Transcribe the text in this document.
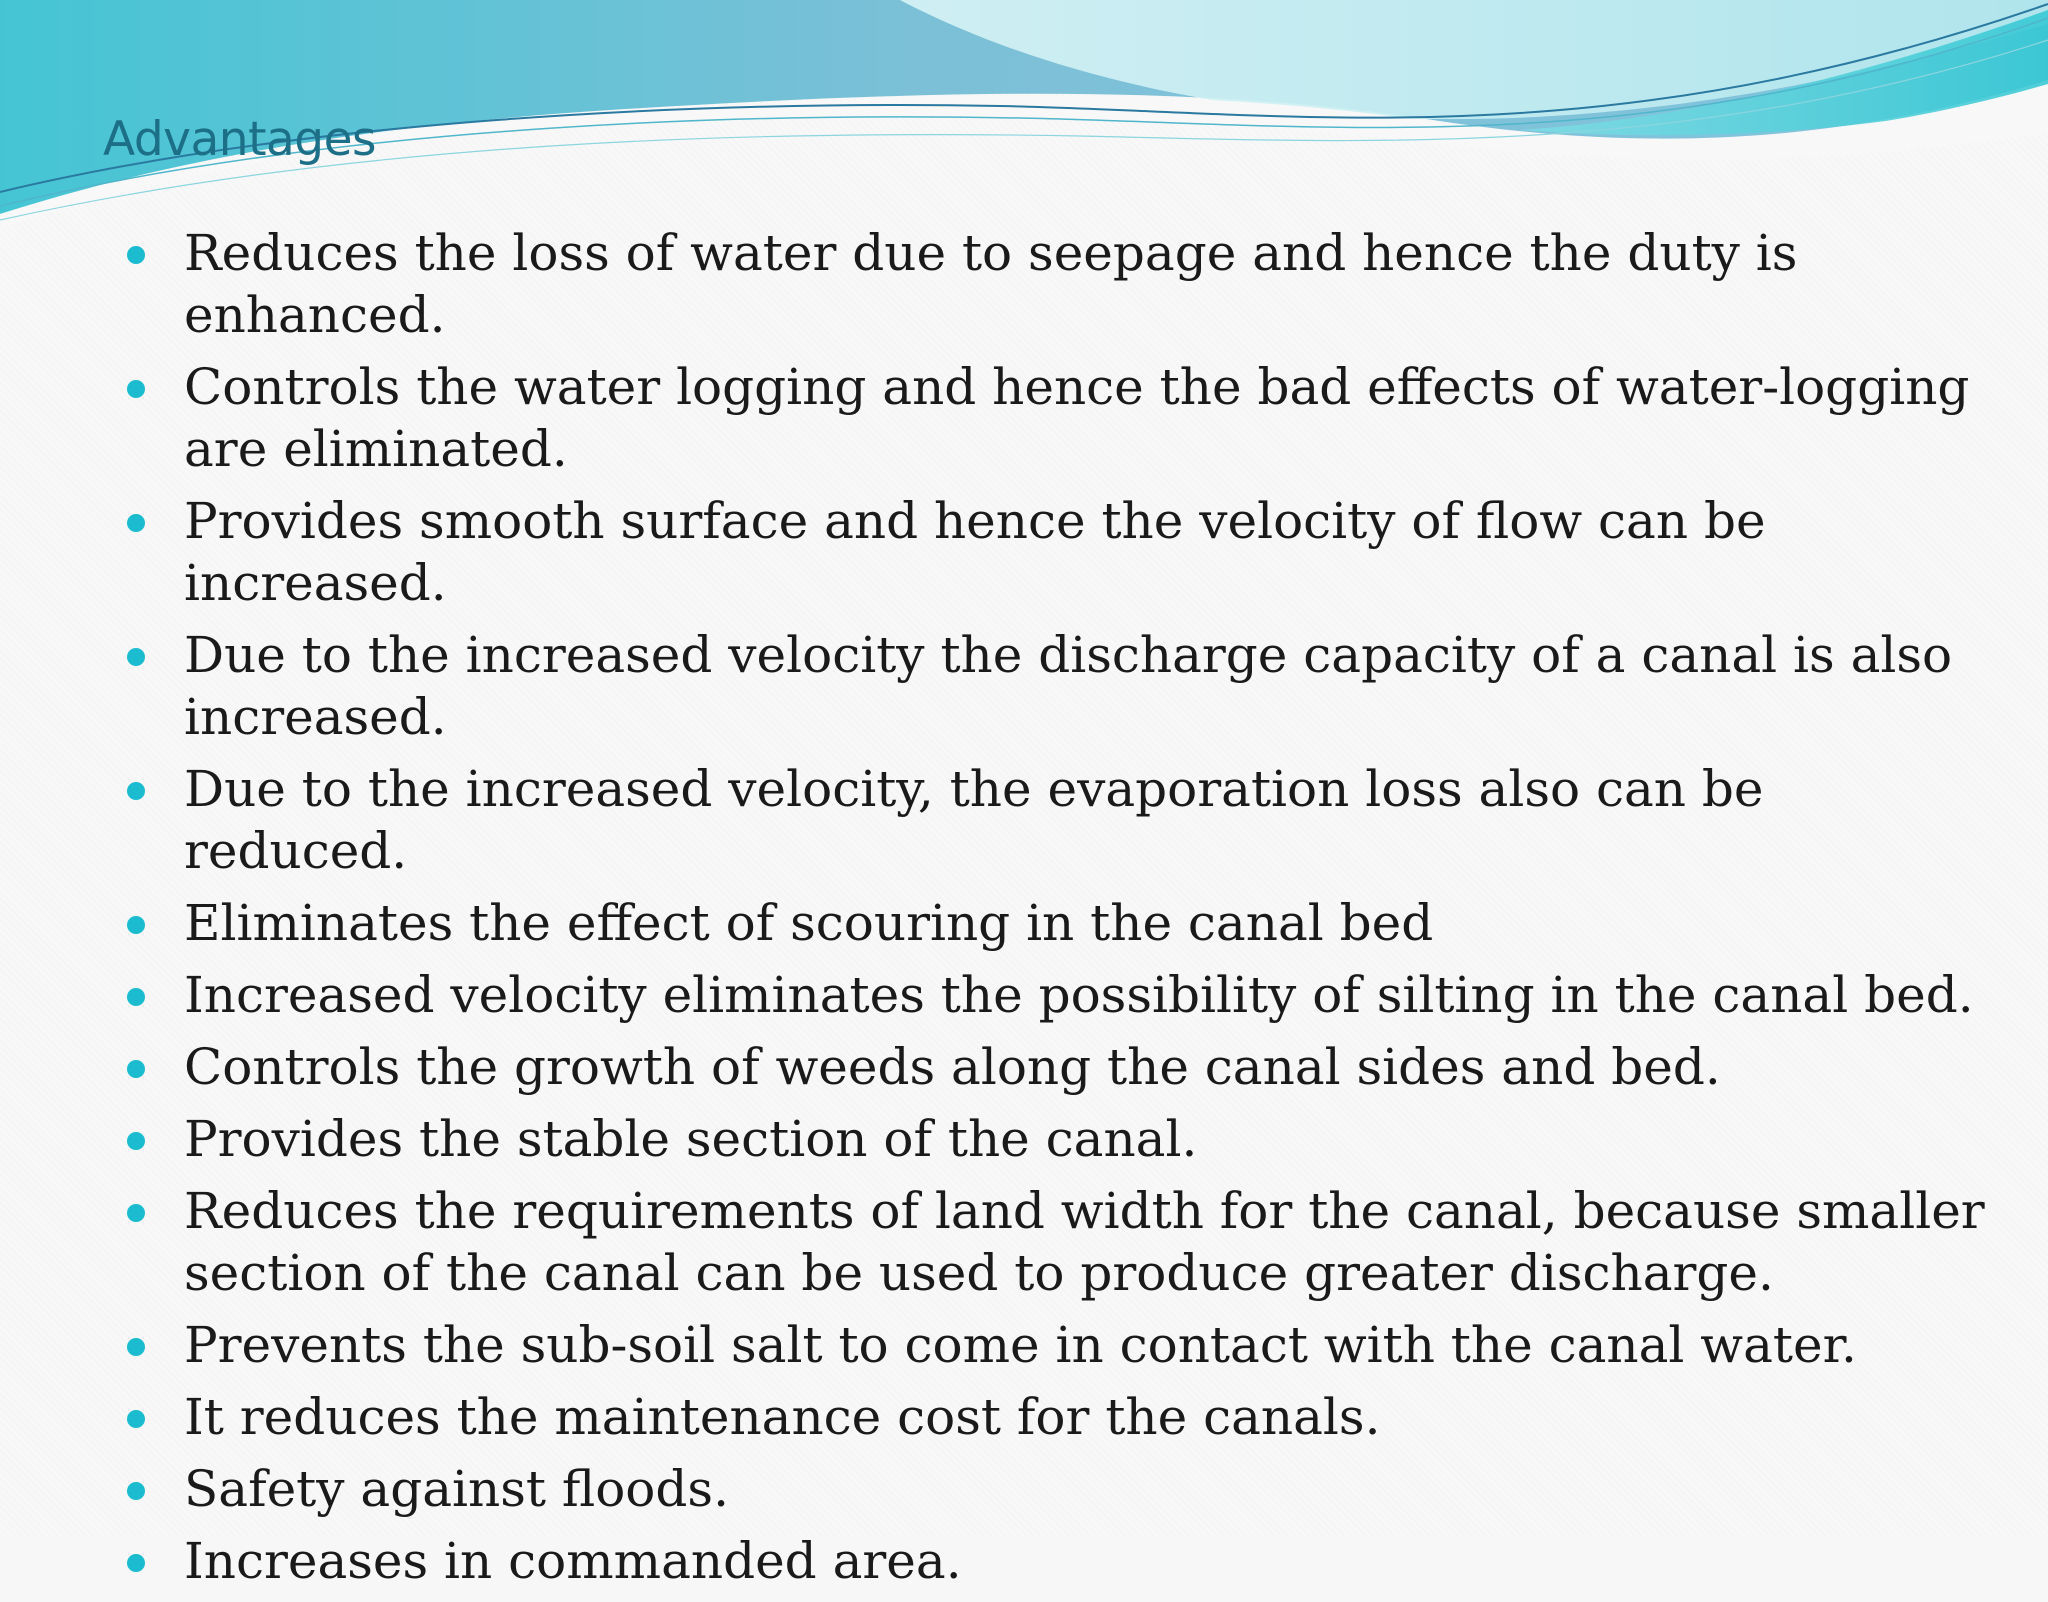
Advantages
Reduces the loss of water due to seepage and hence the duty is enhanced.
Controls the water logging and hence the bad effects of water-logging are eliminated.
Provides smooth surface and hence the velocity of flow can be increased.
Due to the increased velocity the discharge capacity of a canal is also increased.
Due to the increased velocity, the evaporation loss also can be reduced.
Eliminates the effect of scouring in the canal bed
Increased velocity eliminates the possibility of silting in the canal bed.
Controls the growth of weeds along the canal sides and bed.
Provides the stable section of the canal.
Reduces the requirements of land width for the canal, because smaller section of the canal can be used to produce greater discharge.
Prevents the sub-soil salt to come in contact with the canal water.
It reduces the maintenance cost for the canals.
Safety against floods.
Increases in commanded area.
